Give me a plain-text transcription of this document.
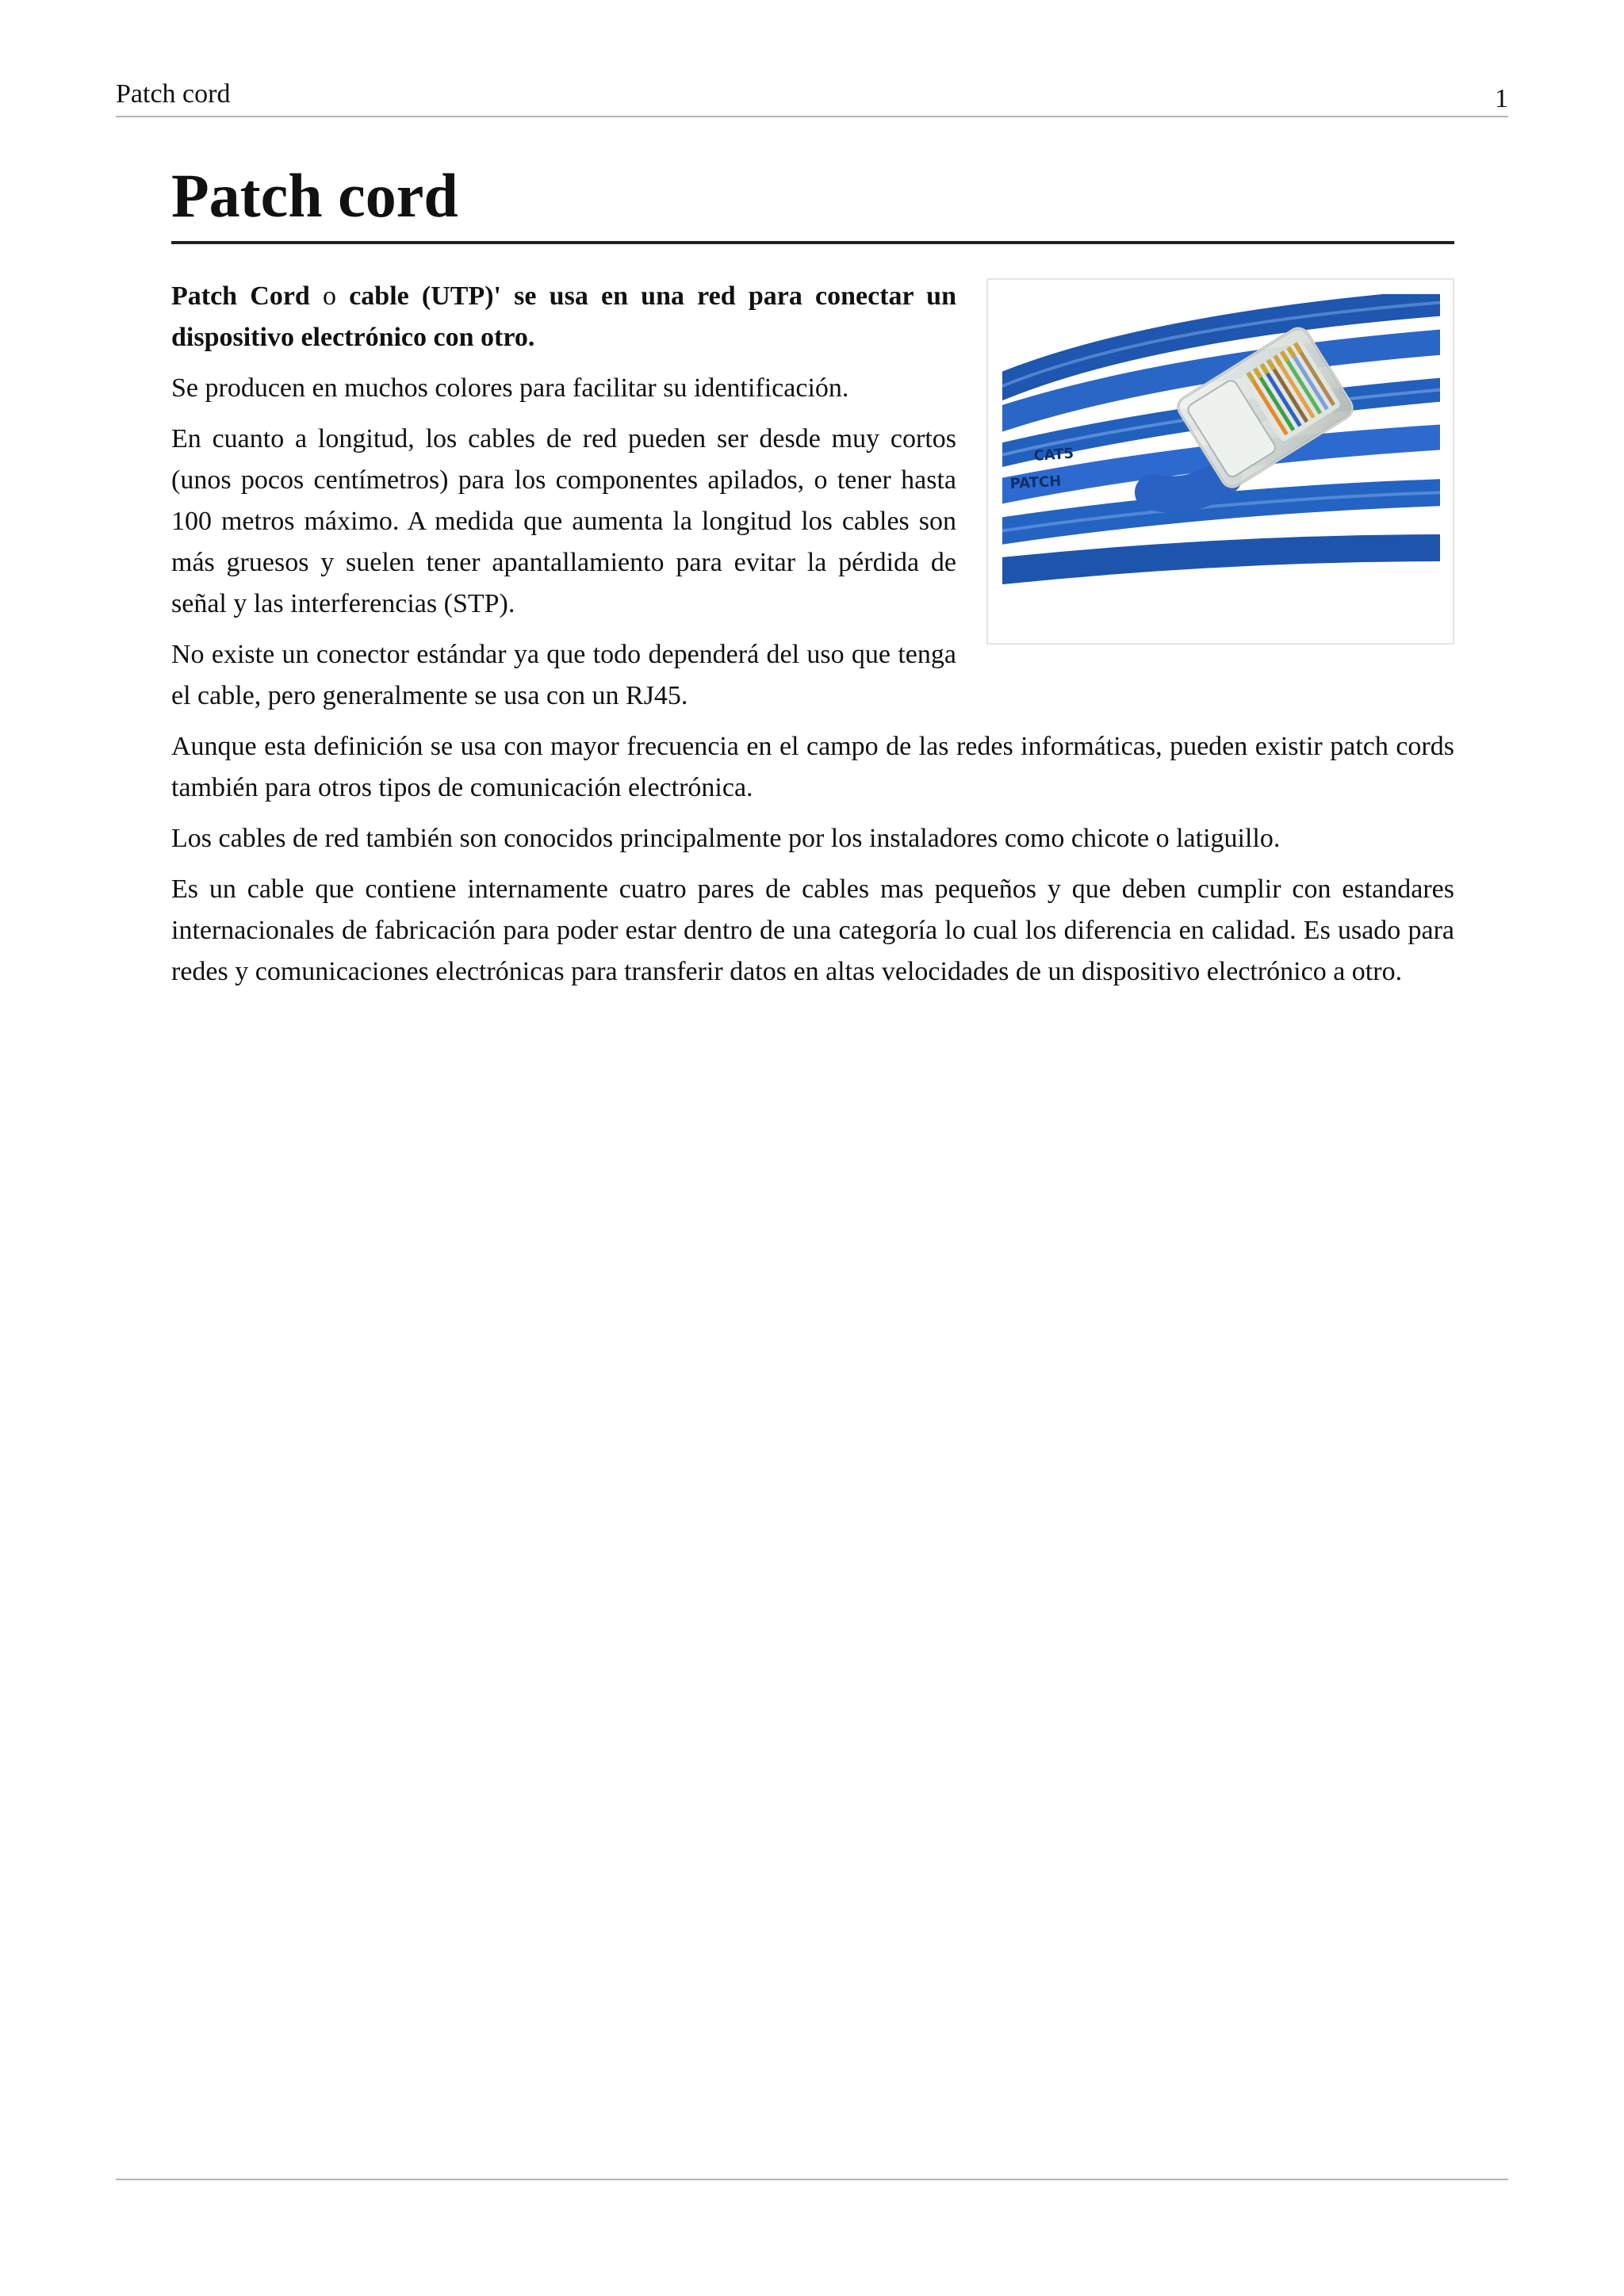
Patch cord	1
Patch cord
CAT5
PATCH

Patch Cord o cable (UTP)' se usa en una red para conectar un dispositivo electrónico con otro.

Se producen en muchos colores para facilitar su identificación.

En cuanto a longitud, los cables de red pueden ser desde muy cortos (unos pocos centímetros) para los componentes apilados, o tener hasta 100 metros máximo. A medida que aumenta la longitud los cables son más gruesos y suelen tener apantallamiento para evitar la pérdida de señal y las interferencias (STP).

No existe un conector estándar ya que todo dependerá del uso que tenga el cable, pero generalmente se usa con un RJ45.

Aunque esta definición se usa con mayor frecuencia en el campo de las redes informáticas, pueden existir patch cords también para otros tipos de comunicación electrónica.

Los cables de red también son conocidos principalmente por los instaladores como chicote o latiguillo.

Es un cable que contiene internamente cuatro pares de cables mas pequeños y que deben cumplir con estandares internacionales de fabricación para poder estar dentro de una categoría lo cual los diferencia en calidad. Es usado para redes y comunicaciones electrónicas para transferir datos en altas velocidades de un dispositivo electrónico a otro.
